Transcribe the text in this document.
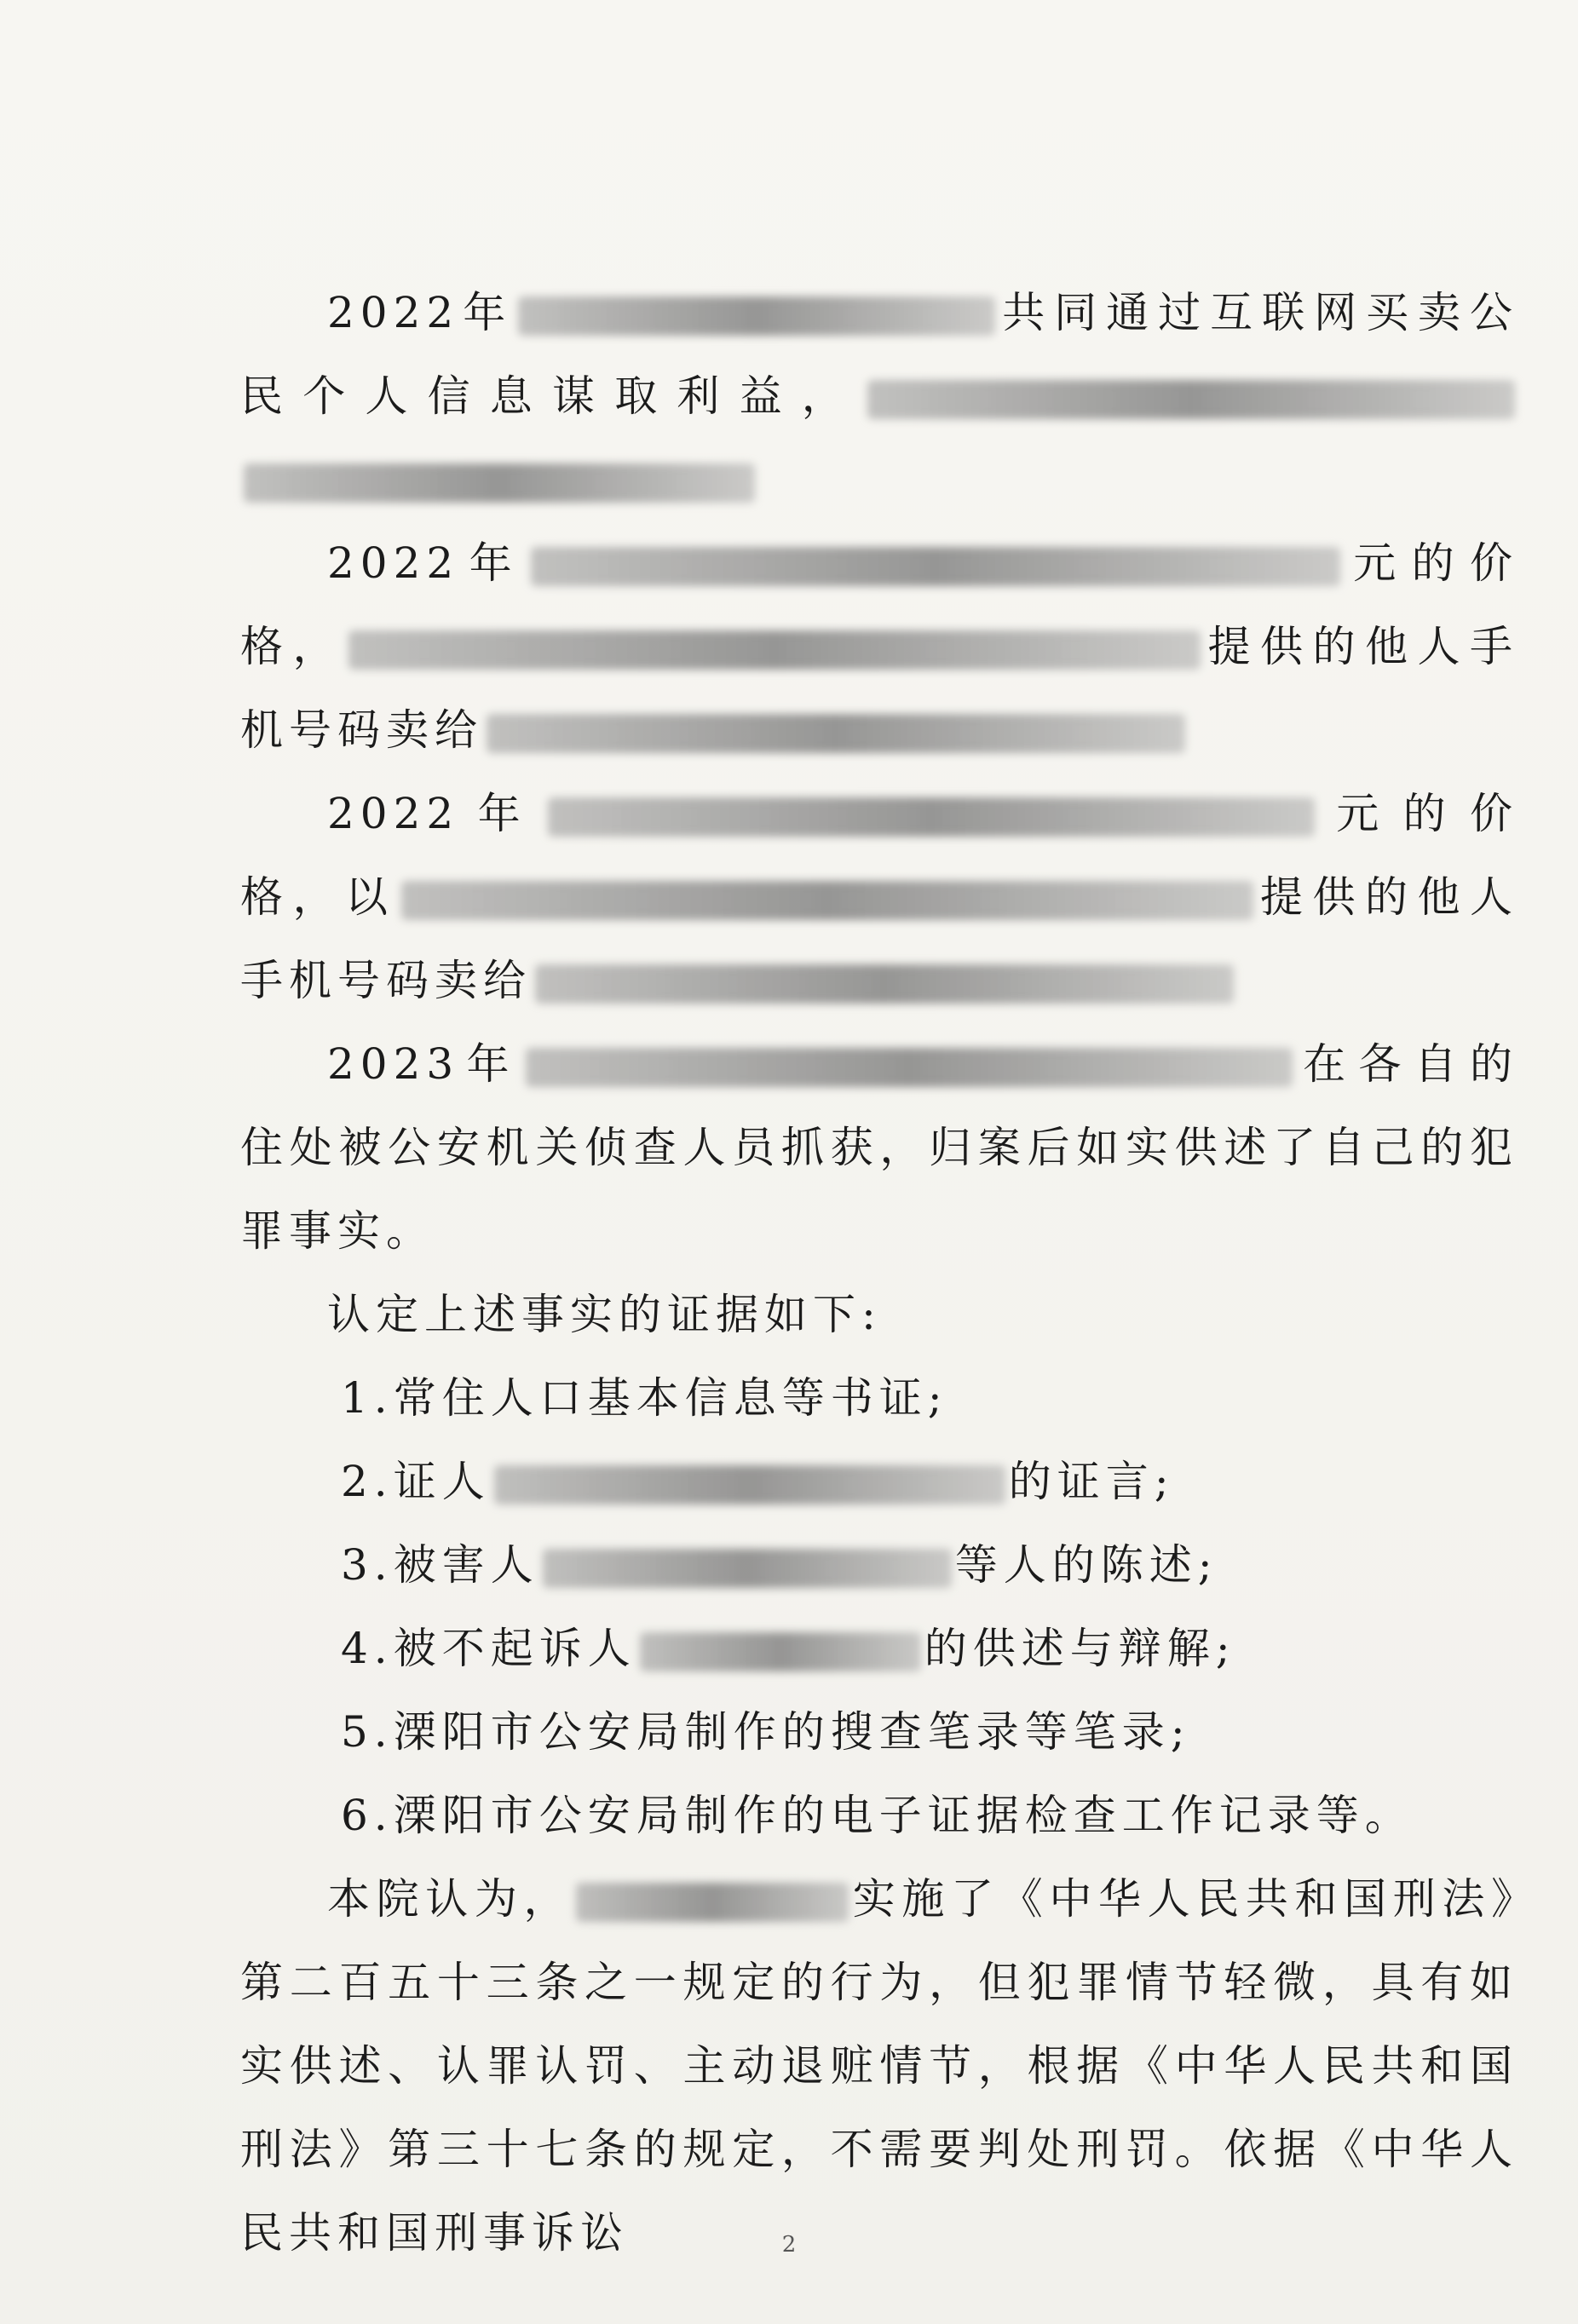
2022年	共同通过互联网买卖公民个人信息谋取利益，

2022年	元的价格，	提供的他人手机号码卖给

2022年	元的价格，以	提供的他人手机号码卖给

2023年	在各自的住处被公安机关侦查人员抓获，归案后如实供述了自己的犯罪事实。

认定上述事实的证据如下:

1.常住人口基本信息等书证;

2.证人	的证言;

3.被害人	等人的陈述;

4.被不起诉人	的供述与辩解;

5.溧阳市公安局制作的搜查笔录等笔录;

6.溧阳市公安局制作的电子证据检查工作记录等。

本院认为，	实施了《中华人民共和国刑法》第二百五十三条之一规定的行为，但犯罪情节轻微，具有如实供述、认罪认罚、主动退赃情节，根据《中华人民共和国刑法》第三十七条的规定，不需要判处刑罚。依据《中华人民共和国刑事诉讼	2
